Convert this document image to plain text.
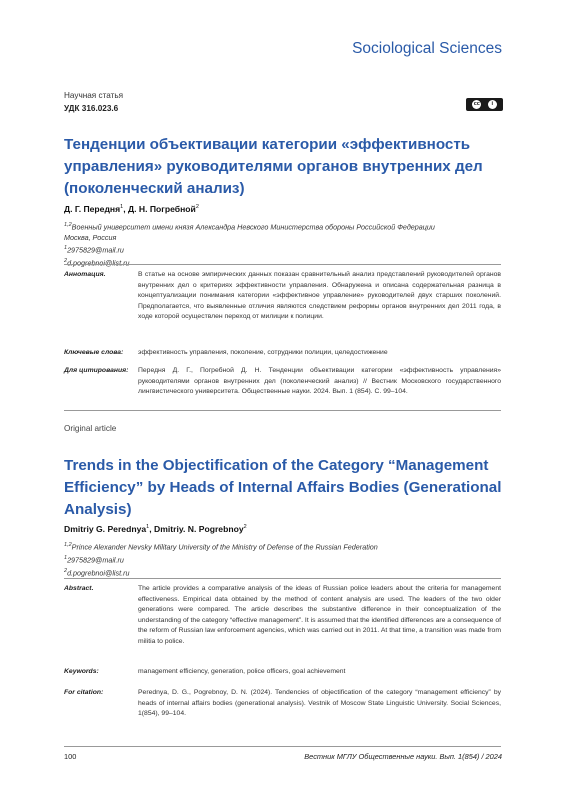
Sociological Sciences
Научная статья
УДК 316.023.6	cc	i
Тенденции объективации категории «эффективность управления» руководителями органов внутренних дел (поколенческий анализ)
Д. Г. Передня$^1$, Д. Н. Погребной$^2$
$^{1,2}$Военный университет имени князя Александра Невского Министерства обороны Российской Федерации
Москва, Россия
$^1$2975829@mail.ru
$^2$d.pogrebnoi@list.ru
Аннотация.	В статье на основе эмпирических данных показан сравнительный анализ представлений руководителей органов внутренних дел о критериях эффективности управления. Обнаружена и описана содержательная разница в концептуализации понимания категории «эффективное управление» руководителей двух старших поколений. Предполагается, что выявленные отличия являются следствием реформы органов внутренних дел 2011 года, в ходе которой осуществлен переход от милиции к полиции.
Ключевые слова:	эффективность управления, поколение, сотрудники полиции, целедостижение
Для цитирования:	Передня Д. Г., Погребной Д. Н. Тенденции объективации категории «эффективность управления» руководителями органов внутренних дел (поколенческий анализ) // Вестник Московского государственного лингвистического университета. Общественные науки. 2024. Вып. 1 (854). С. 99–104.
Original article
Trends in the Objectification of the Category “Management Efficiency” by Heads of Internal Affairs Bodies (Generational Analysis)
Dmitriy G. Perednya$^1$, Dmitriy. N. Pogrebnoy$^2$
$^{1,2}$Prince Alexander Nevsky Military University of the Ministry of Defense of the Russian Federation
$^1$2975829@mail.ru
$^2$d.pogrebnoi@list.ru
Abstract.	The article provides a comparative analysis of the ideas of Russian police leaders about the criteria for management effectiveness. Empirical data obtained by the method of content analysis are used. The leaders of the two older generations were compared. The article describes the substantive difference in their conceptualization of the understanding of the category “effective management”. It is assumed that the identified differences are a consequence of the reform of Russian law enforcement agencies, which was carried out in 2011. At that time, a transition was made from militia to police.
Keywords:	management efficiency, generation, police officers, goal achievement
For citation:	Perednya, D. G., Pogrebnoy, D. N. (2024). Tendencies of objectification of the category “management efficiency” by heads of internal affairs bodies (generational analysis). Vestnik of Moscow State Linguistic University. Social Sciences, 1(854), 99–104.
100	Вестник МГЛУ Общественные науки. Вып. 1(854) / 2024
